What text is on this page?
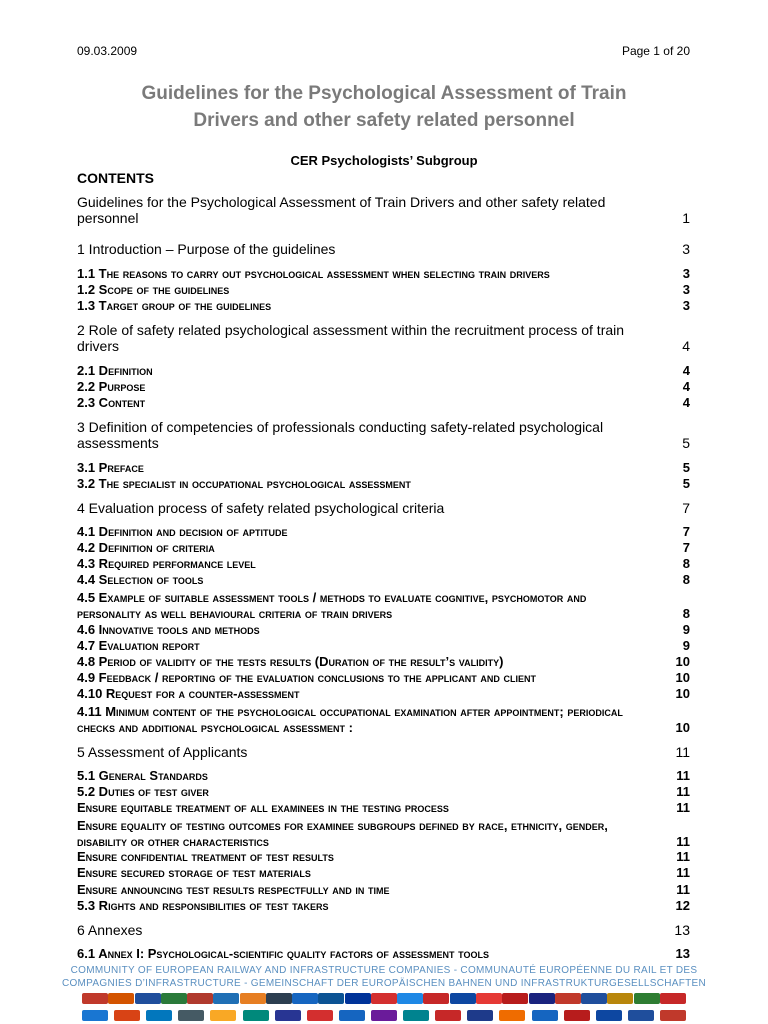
09.03.2009	Page 1 of 20
Guidelines for the Psychological Assessment of Train
Drivers and other safety related personnel
CER Psychologists’ Subgroup
CONTENTS
Guidelines for the Psychological Assessment of Train Drivers and other safety related personnel	1
1 Introduction – Purpose of the guidelines	3
1.1 The reasons to carry out psychological assessment when selecting train drivers	3
1.2 Scope of the guidelines	3
1.3 Target group of the guidelines	3
2 Role of safety related psychological assessment within the recruitment process of train drivers	4
2.1 Definition	4
2.2 Purpose	4
2.3 Content	4
3 Definition of competencies of professionals conducting safety-related psychological assessments	5
3.1 Preface	5
3.2 The specialist in occupational psychological assessment	5
4 Evaluation process of safety related psychological criteria	7
4.1 Definition and decision of aptitude	7
4.2 Definition of criteria	7
4.3 Required performance level	8
4.4 Selection of tools	8
4.5 Example of suitable assessment tools / methods to evaluate cognitive, psychomotor and personality as well behavioural criteria of train drivers	8
4.6 Innovative tools and methods	9
4.7 Evaluation report	9
4.8 Period of validity of the tests results (Duration of the result’s validity)	10
4.9 Feedback / reporting of the evaluation conclusions to the applicant and client	10
4.10 Request for a counter-assessment	10
4.11 Minimum content of the psychological occupational examination after appointment; periodical checks and additional psychological assessment :	10
5 Assessment of Applicants	11
5.1 General Standards	11
5.2 Duties of test giver	11
Ensure equitable treatment of all examinees in the testing process	11
Ensure equality of testing outcomes for examinee subgroups defined by race, ethnicity, gender, disability or other characteristics	11
Ensure confidential treatment of test results	11
Ensure secured storage of test materials	11
Ensure announcing test results respectfully and in time	11
5.3 Rights and responsibilities of test takers	12
6 Annexes	13
6.1 Annex I: Psychological-scientific quality factors of assessment tools	13
COMMUNITY OF EUROPEAN RAILWAY AND INFRASTRUCTURE COMPANIES - COMMUNAUTÉ EUROPÉENNE DU RAIL ET DES
COMPAGNIES D’INFRASTRUCTURE - GEMEINSCHAFT DER EUROPÄISCHEN BAHNEN UND INFRASTRUKTURGESELLSCHAFTEN
